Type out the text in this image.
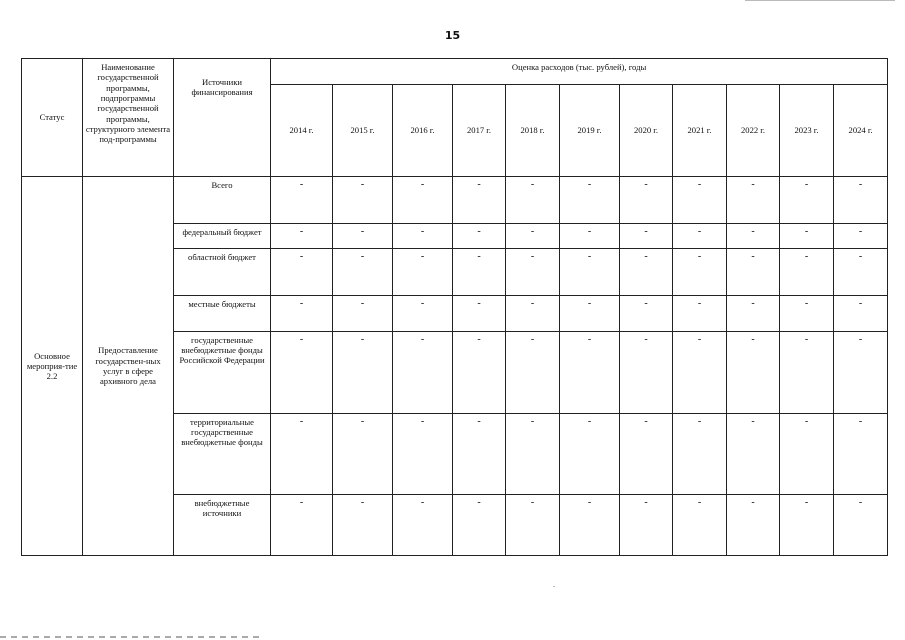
15
Статус	Наименование государственной программы, подпрограммы государственной программы, структурного элемента под-программы	Источники финансирования	Оценка расходов (тыс. рублей), годы										
			2014 г.	2015 г.	2016 г.	2017 г.	2018 г.	2019 г.	2020 г.	2021 г.	2022 г.	2023 г.	2024 г.
Основное мероприя-тие 2.2	Предоставление государствен-ных услуг в сфере архивного дела	Всего	-	-	-	-	-	-	-	-	-	-	-
		федеральный бюджет	-	-	-	-	-	-	-	-	-	-	-
		областной бюджет	-	-	-	-	-	-	-	-	-	-	-
		местные бюджеты	-	-	-	-	-	-	-	-	-	-	-
		государственные внебюджетные фонды Российской Федерации	-	-	-	-	-	-	-	-	-	-	-
		территориальные государственные внебюджетные фонды	-	-	-	-	-	-	-	-	-	-	-
		внебюджетные источники	-	-	-	-	-	-	-	-	-	-	-
